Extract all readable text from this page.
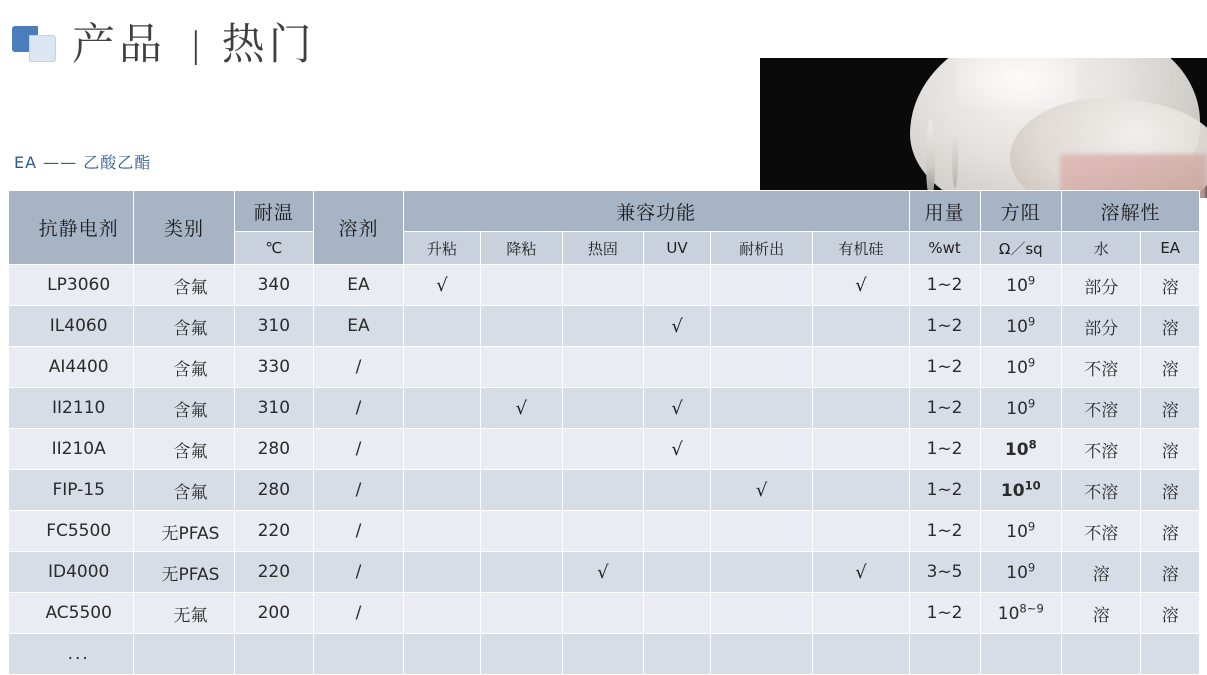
产品 | 热门
EA —— 乙酸乙酯
抗静电剂	类别	耐温	溶剂	兼容功能						用量	方阻	溶解性	
		℃		升粘	降粘	热固	UV	耐析出	有机硅	%wt	Ω／sq	水	EA
LP3060	含氟	340	EA	√					√	1~2	$10^9$	部分	溶
IL4060	含氟	310	EA				√			1~2	$10^9$	部分	溶
AI4400	含氟	330	/							1~2	$10^9$	不溶	溶
II2110	含氟	310	/		√		√			1~2	$10^9$	不溶	溶
II210A	含氟	280	/				√			1~2	$10^8$	不溶	溶
FIP-15	含氟	280	/					√		1~2	$10^{10}$	不溶	溶
FC5500	无PFAS	220	/							1~2	$10^9$	不溶	溶
ID4000	无PFAS	220	/			√			√	3~5	$10^9$	溶	溶
AC5500	无氟	200	/							1~2	$10^{8\sim 9}$	溶	溶
...													
